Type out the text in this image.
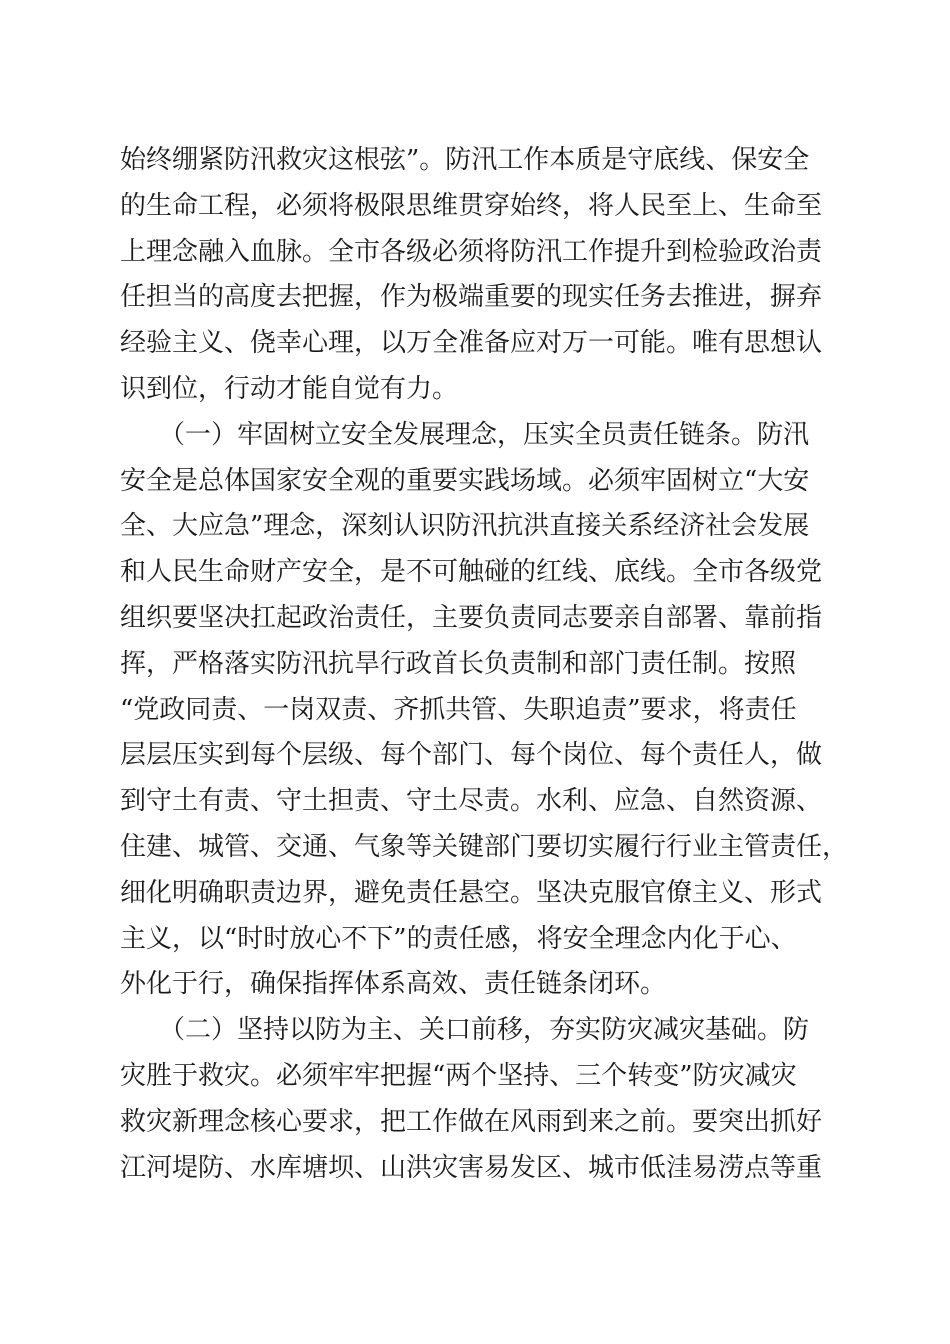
始终绷紧防汛救灾这根弦”。防汛工作本质是守底线、保安全
的生命工程，必须将极限思维贯穿始终，将人民至上、生命至
上理念融入血脉。全市各级必须将防汛工作提升到检验政治责
任担当的高度去把握，作为极端重要的现实任务去推进，摒弃
经验主义、侥幸心理，以万全准备应对万一可能。唯有思想认
识到位，行动才能自觉有力。
　　（一）牢固树立安全发展理念，压实全员责任链条。防汛
安全是总体国家安全观的重要实践场域。必须牢固树立“大安
全、大应急”理念，深刻认识防汛抗洪直接关系经济社会发展
和人民生命财产安全，是不可触碰的红线、底线。全市各级党
组织要坚决扛起政治责任，主要负责同志要亲自部署、靠前指
挥，严格落实防汛抗旱行政首长负责制和部门责任制。按照
“党政同责、一岗双责、齐抓共管、失职追责”要求，将责任
层层压实到每个层级、每个部门、每个岗位、每个责任人，做
到守土有责、守土担责、守土尽责。水利、应急、自然资源、
住建、城管、交通、气象等关键部门要切实履行行业主管责任，
细化明确职责边界，避免责任悬空。坚决克服官僚主义、形式
主义，以“时时放心不下”的责任感，将安全理念内化于心、
外化于行，确保指挥体系高效、责任链条闭环。
　　（二）坚持以防为主、关口前移，夯实防灾减灾基础。防
灾胜于救灾。必须牢牢把握“两个坚持、三个转变”防灾减灾
救灾新理念核心要求，把工作做在风雨到来之前。要突出抓好
江河堤防、水库塘坝、山洪灾害易发区、城市低洼易涝点等重
